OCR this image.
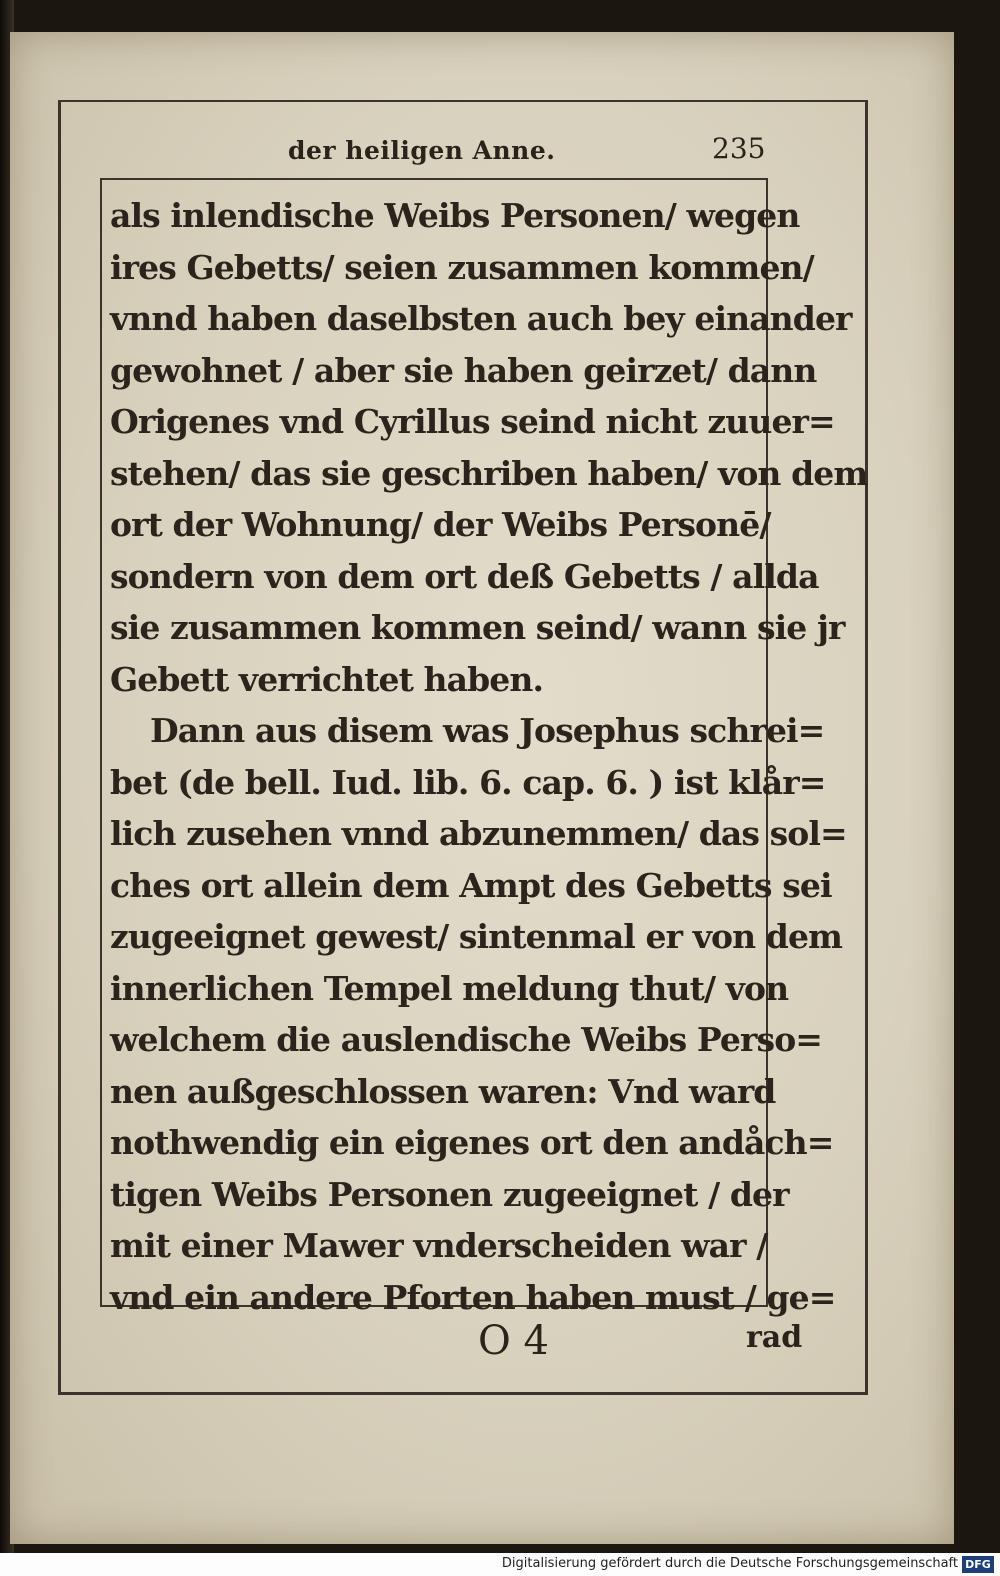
der heiligen Anne.	235
als inlendische Weibs Personen/ wegen
ires Gebetts/ seien zusammen kommen/
vnnd haben daselbsten auch bey einander
gewohnet / aber sie haben geirzet/ dann
Origenes vnd Cyrillus seind nicht zuuer=
stehen/ das sie geschriben haben/ von dem
ort der Wohnung/ der Weibs Personē/
sondern von dem ort deß Gebetts / allda
sie zusammen kommen seind/ wann sie jr
Gebett verrichtet haben.
Dann aus disem was Josephus schrei=
bet (de bell. Iud. lib. 6. cap. 6. ) ist klår=
lich zusehen vnnd abzunemmen/ das sol=
ches ort allein dem Ampt des Gebetts sei
zugeeignet gewest/ sintenmal er von dem
innerlichen Tempel meldung thut/ von
welchem die auslendische Weibs Perso=
nen außgeschlossen waren: Vnd ward
nothwendig ein eigenes ort den andåch=
tigen Weibs Personen zugeeignet / der
mit einer Mawer vnderscheiden war /
vnd ein andere Pforten haben must / ge=
O 4	rad
Digitalisierung gefördert durch die Deutsche Forschungsgemeinschaft DFG
